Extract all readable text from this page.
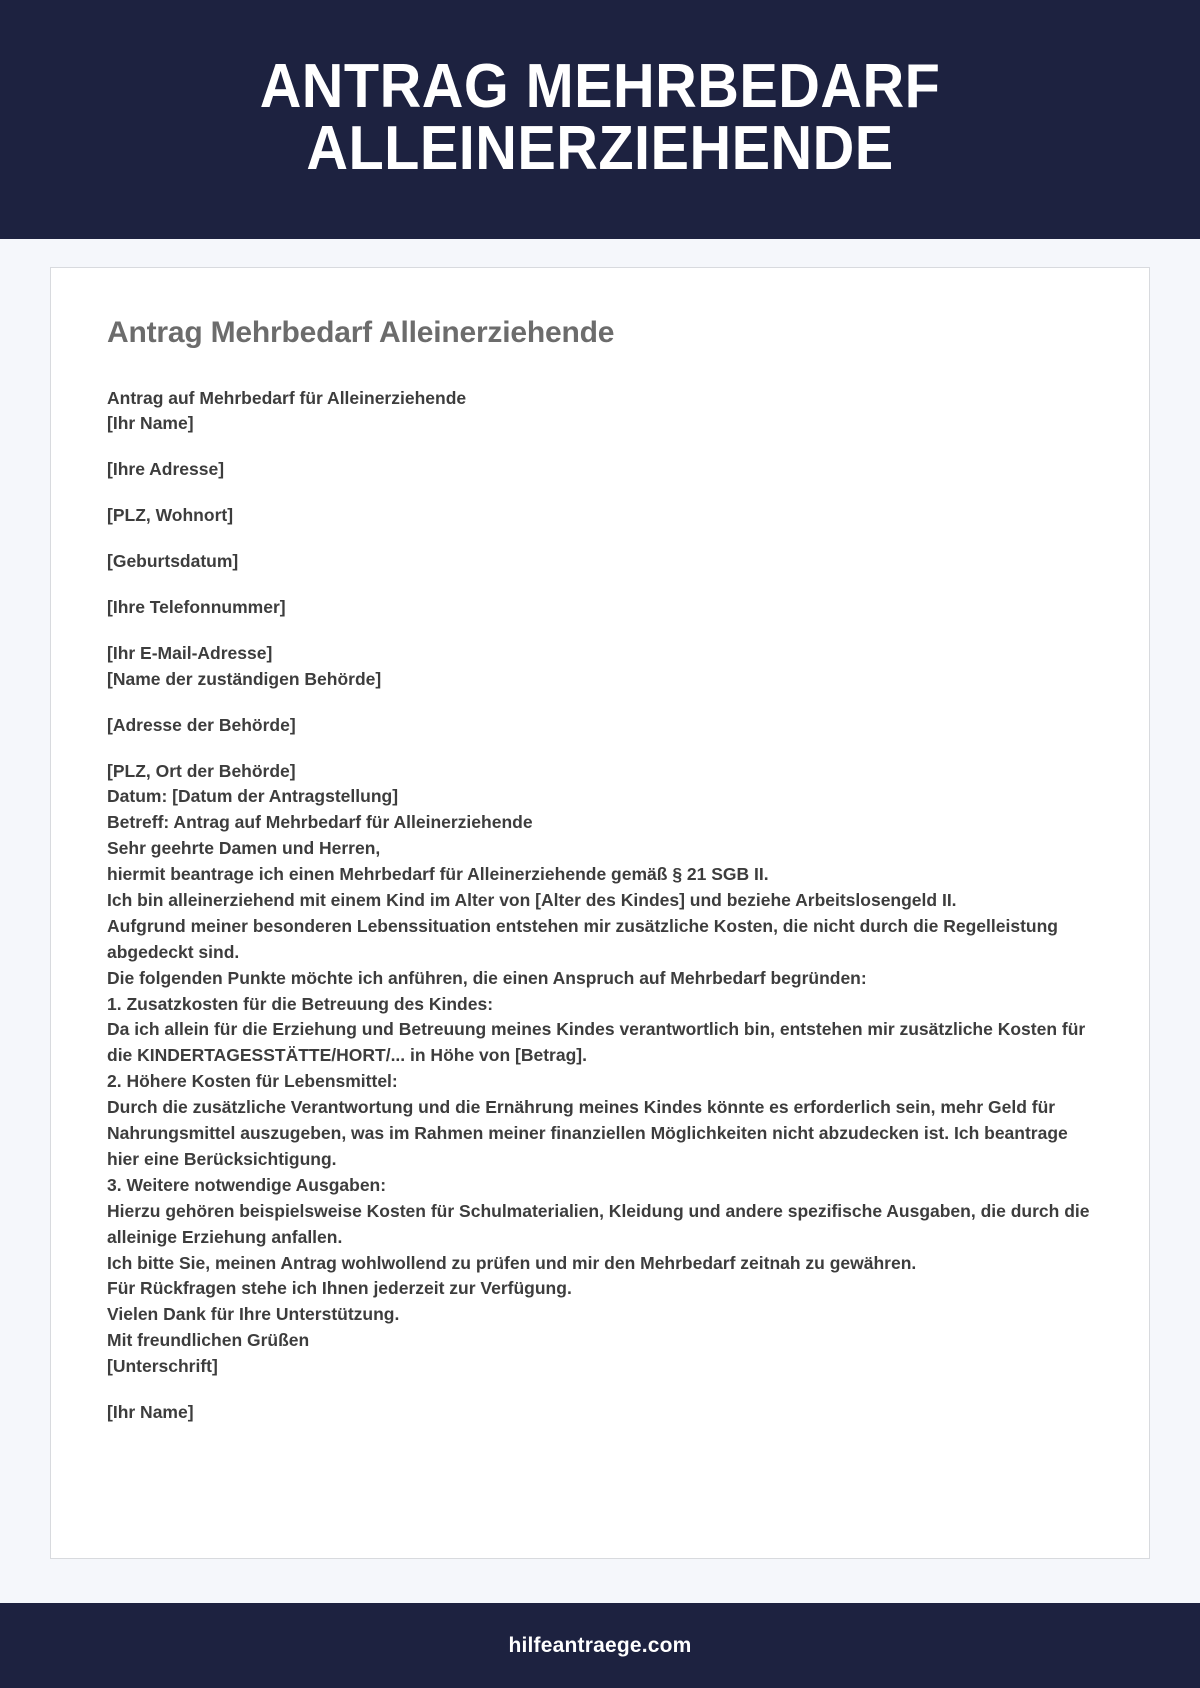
ANTRAG MEHRBEDARF ALLEINERZIEHENDE
Antrag Mehrbedarf Alleinerziehende

Antrag auf Mehrbedarf für Alleinerziehende
[Ihr Name]

[Ihre Adresse]

[PLZ, Wohnort]

[Geburtsdatum]

[Ihre Telefonnummer]

[Ihr E-Mail-Adresse]
[Name der zuständigen Behörde]

[Adresse der Behörde]

[PLZ, Ort der Behörde]
Datum: [Datum der Antragstellung]
Betreff: Antrag auf Mehrbedarf für Alleinerziehende
Sehr geehrte Damen und Herren,
hiermit beantrage ich einen Mehrbedarf für Alleinerziehende gemäß § 21 SGB II.
Ich bin alleinerziehend mit einem Kind im Alter von [Alter des Kindes] und beziehe Arbeitslosengeld II.
Aufgrund meiner besonderen Lebenssituation entstehen mir zusätzliche Kosten, die nicht durch die Regelleistung abgedeckt sind.
Die folgenden Punkte möchte ich anführen, die einen Anspruch auf Mehrbedarf begründen:
1. Zusatzkosten für die Betreuung des Kindes:
Da ich allein für die Erziehung und Betreuung meines Kindes verantwortlich bin, entstehen mir zusätzliche Kosten für die KINDERTAGESSTÄTTE/HORT/... in Höhe von [Betrag].
2. Höhere Kosten für Lebensmittel:
Durch die zusätzliche Verantwortung und die Ernährung meines Kindes könnte es erforderlich sein, mehr Geld für Nahrungsmittel auszugeben, was im Rahmen meiner finanziellen Möglichkeiten nicht abzudecken ist. Ich beantrage hier eine Berücksichtigung.
3. Weitere notwendige Ausgaben:
Hierzu gehören beispielsweise Kosten für Schulmaterialien, Kleidung und andere spezifische Ausgaben, die durch die alleinige Erziehung anfallen.
Ich bitte Sie, meinen Antrag wohlwollend zu prüfen und mir den Mehrbedarf zeitnah zu gewähren.
Für Rückfragen stehe ich Ihnen jederzeit zur Verfügung.
Vielen Dank für Ihre Unterstützung.
Mit freundlichen Grüßen
[Unterschrift]

[Ihr Name]

hilfeantraege.com
